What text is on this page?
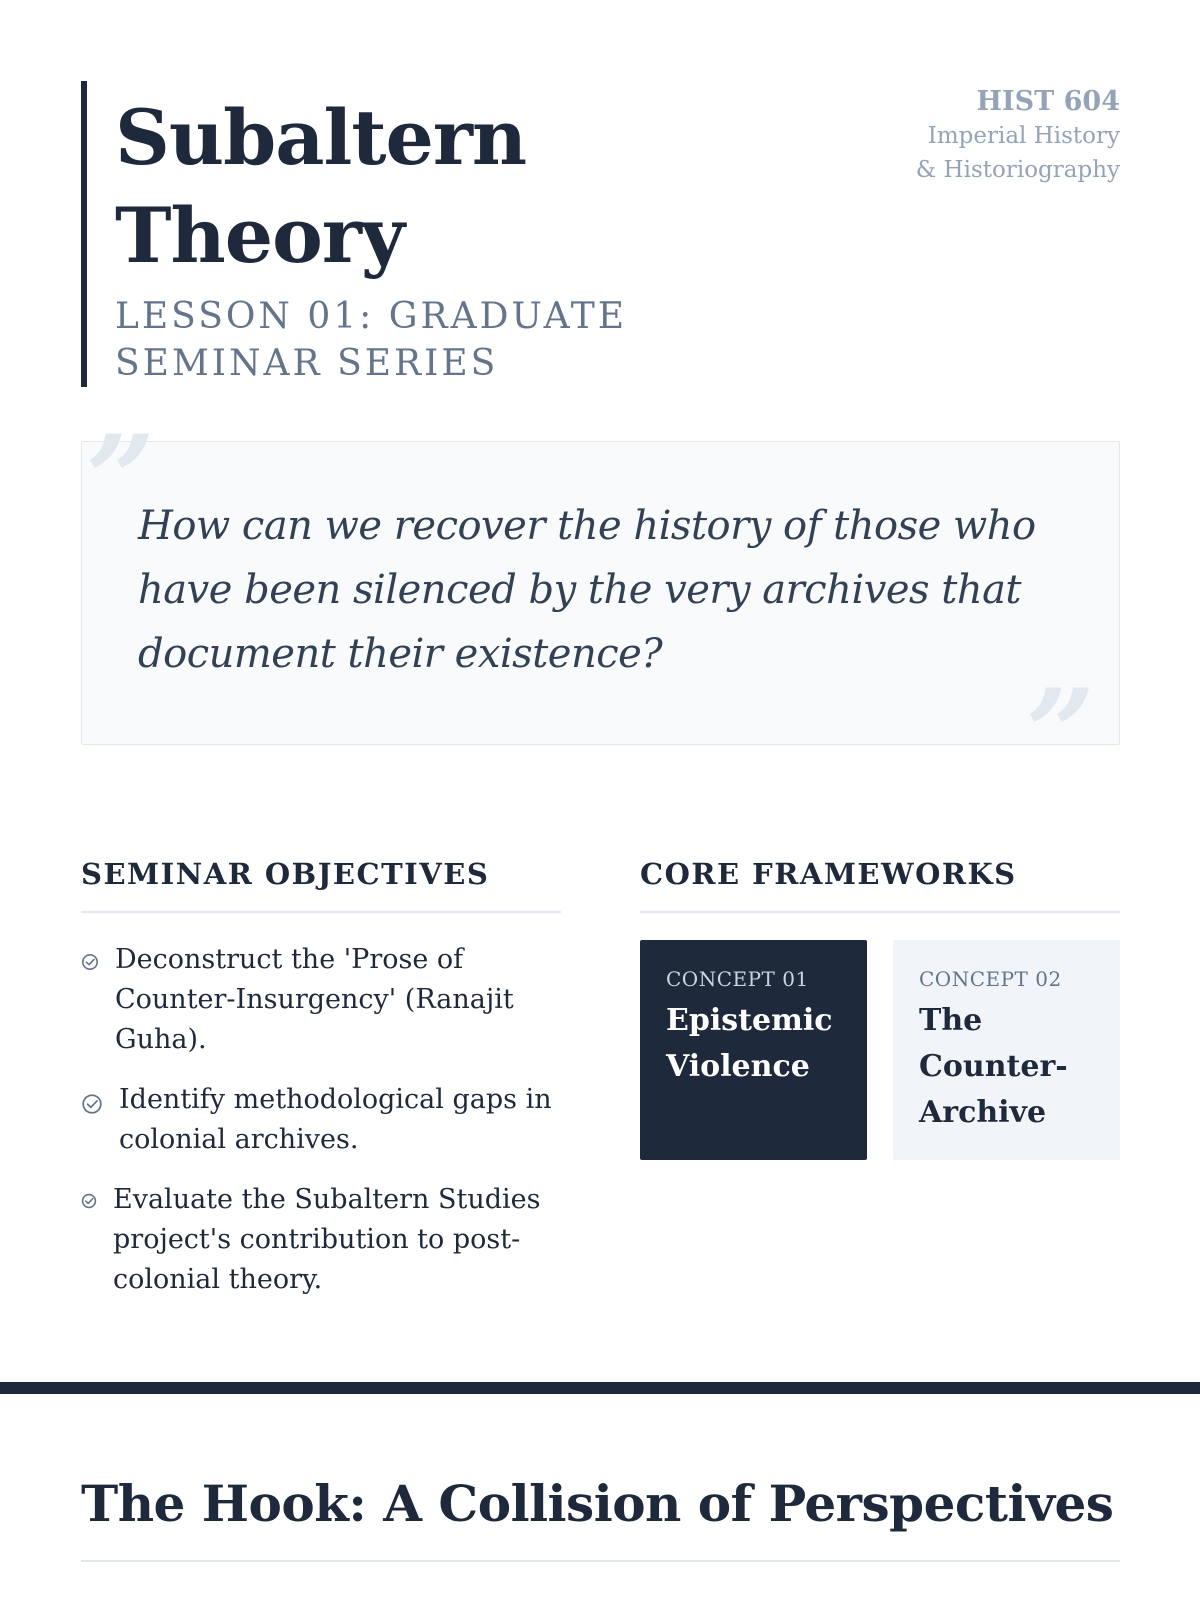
Subaltern
Theory
LESSON 01: GRADUATE SEMINAR SERIES
HIST 604
Imperial History & Historiography
”

How can we recover the history of those who have been silenced by the very archives that document their existence?

”
SEMINAR OBJECTIVES
Deconstruct the 'Prose of Counter-Insurgency' (Ranajit Guha).
Identify methodological gaps in colonial archives.
Evaluate the Subaltern Studies project's contribution to post-colonial theory.
CORE FRAMEWORKS
CONCEPT 01
Epistemic Violence
CONCEPT 02
The Counter-Archive
The Hook: A Collision of Perspectives
